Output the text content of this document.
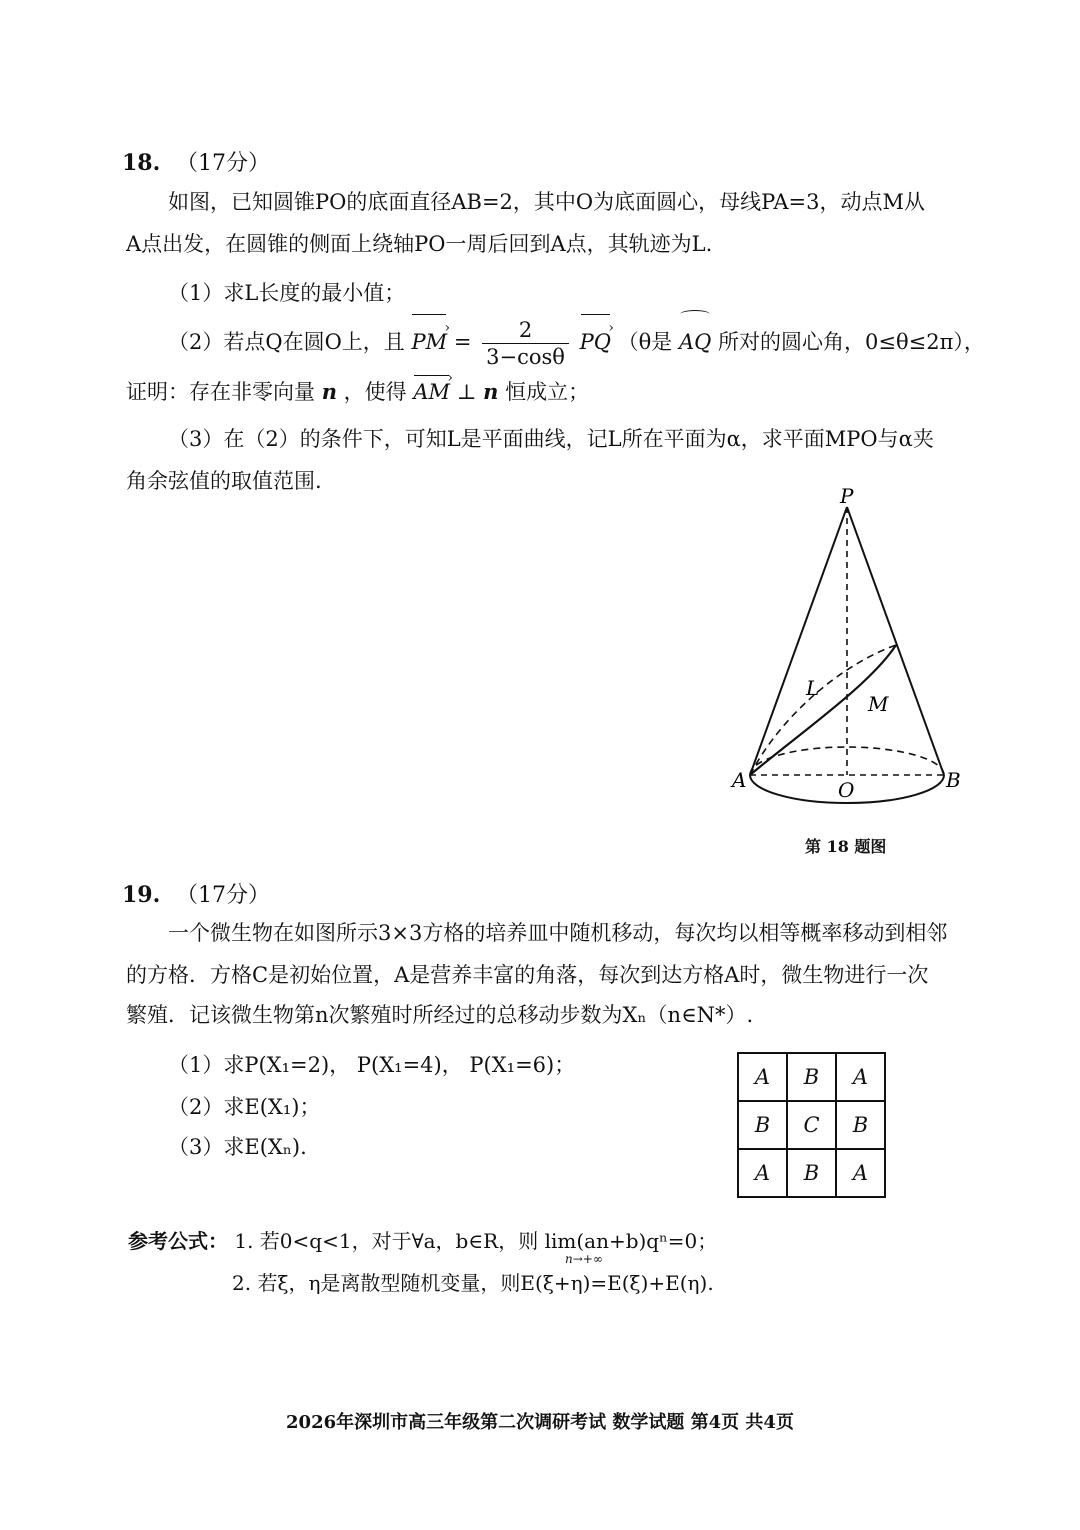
18. （17分）
如图，已知圆锥PO的底面直径AB=2，其中O为底面圆心，母线PA=3，动点M从
A点出发，在圆锥的侧面上绕轴PO一周后回到A点，其轨迹为L.
（1）求L长度的最小值；
（2）若点Q在圆O上，且 PM › = $\frac{2}{3-\cos\theta}$ PQ › （θ是 AQ 所对的圆心角，0≤θ≤2π），
证明：存在非零向量 n ，使得 AM › ⊥ n 恒成立；
（3）在（2）的条件下，可知L是平面曲线，记L所在平面为α，求平面MPO与α夹
角余弦值的取值范围.
P
L
M
A	O	B
第 18 题图
19. （17分）
一个微生物在如图所示3×3方格的培养皿中随机移动，每次均以相等概率移动到相邻
的方格．方格C是初始位置，A是营养丰富的角落，每次到达方格A时，微生物进行一次
繁殖．记该微生物第n次繁殖时所经过的总移动步数为Xₙ（n∈N*）.
（1）求P(X₁=2)， P(X₁=4)， P(X₁=6)；
（2）求E(X₁)；
（3）求E(Xₙ).
A	B	A
B	C	B
A	B	A
参考公式： 1. 若0<q<1，对于∀a，b∈R，则 lim(an+b)qⁿ=0；
n→+∞
2. 若ξ，η是离散型随机变量，则E(ξ+η)=E(ξ)+E(η).
2026年深圳市高三年级第二次调研考试 数学试题 第4页 共4页
